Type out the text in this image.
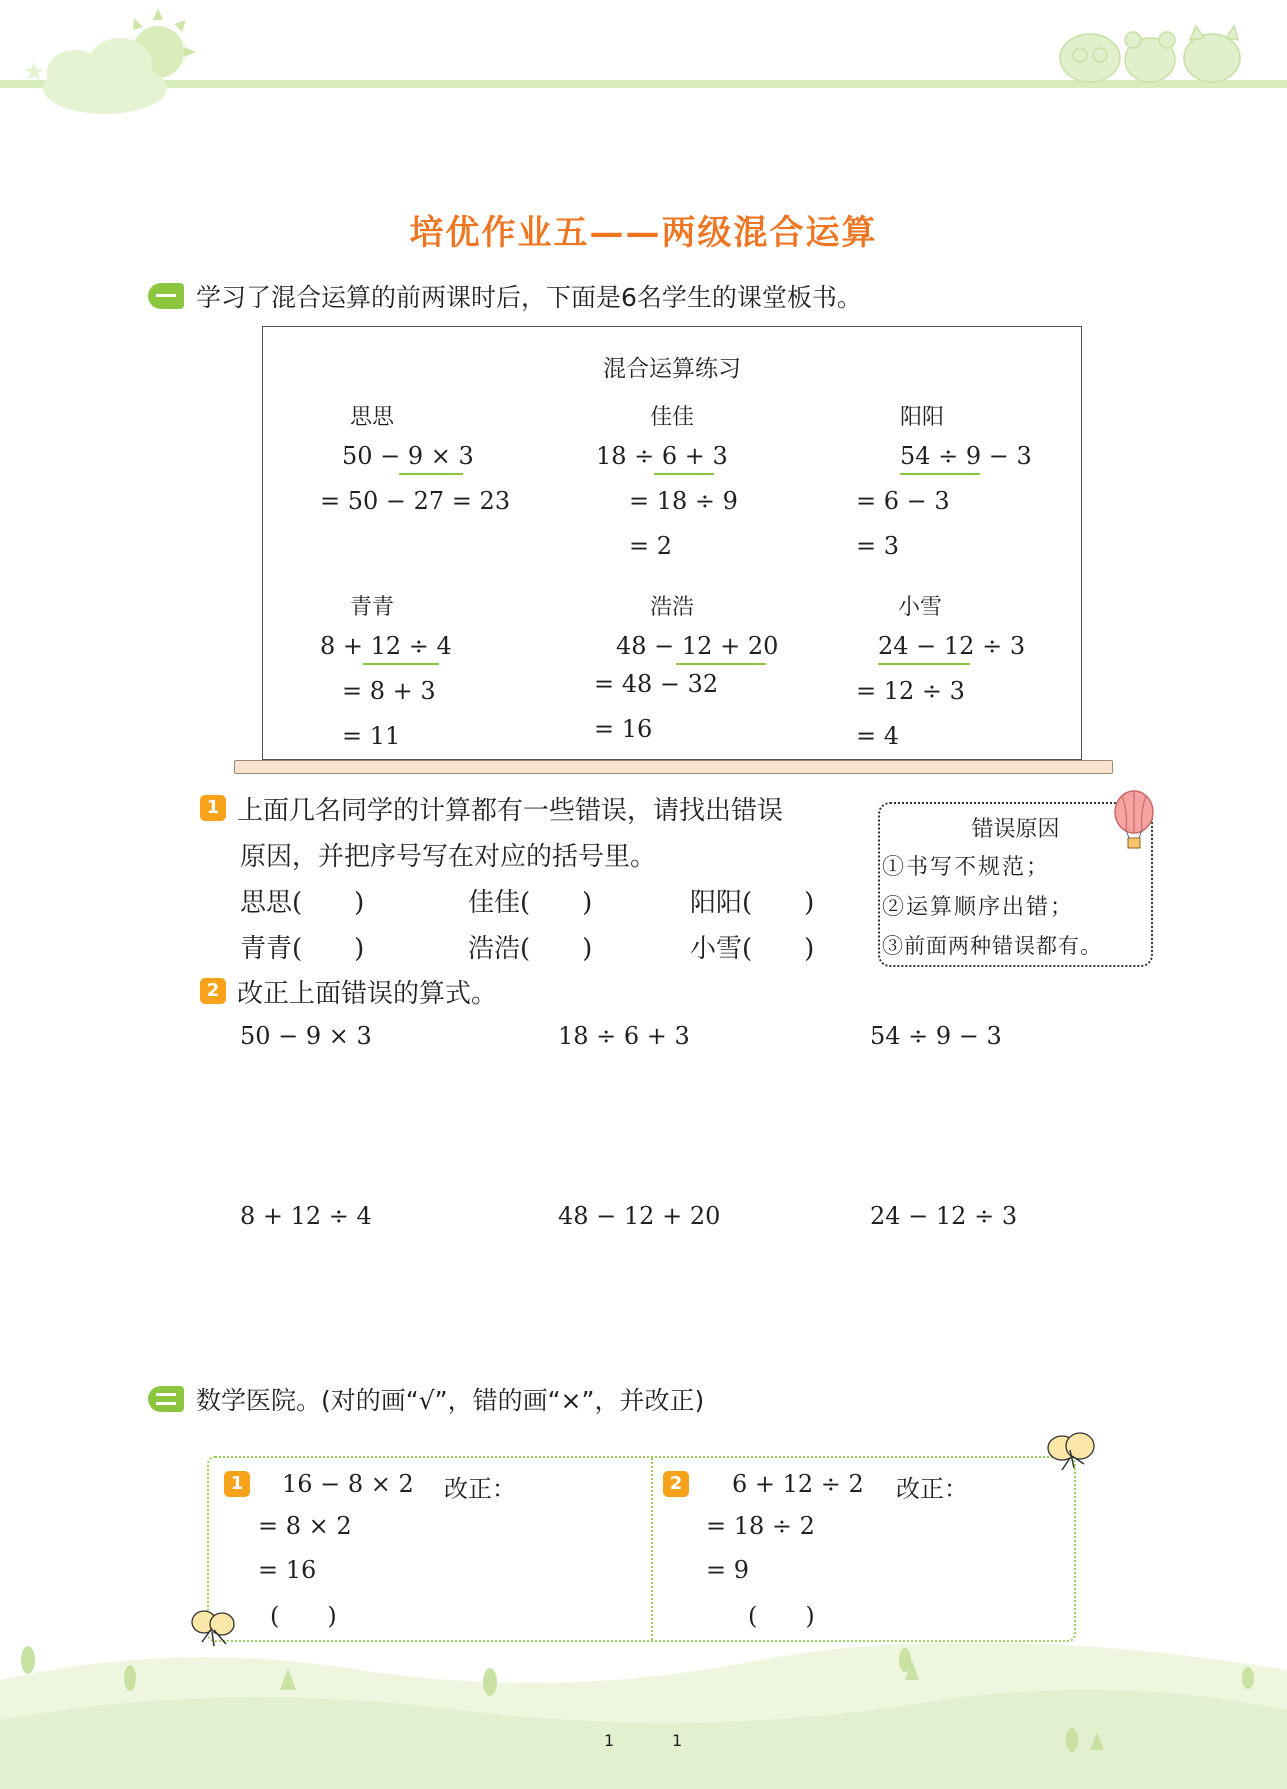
培优作业五——两级混合运算
学习了混合运算的前两课时后，下面是6名学生的课堂板书。
混合运算练习
思思
50 − 9 × 3
= 50 − 27 = 23
佳佳
18 ÷ 6 + 3
= 18 ÷ 9
= 2
阳阳
54 ÷ 9 − 3
= 6 − 3
= 3
青青
8 + 12 ÷ 4
= 8 + 3
= 11
浩浩
48 − 12 + 20
= 48 − 32
= 16
小雪
24 − 12 ÷ 3
= 12 ÷ 3
= 4
1 上面几名同学的计算都有一些错误，请找出错误
原因，并把序号写在对应的括号里。
思思(　　)	佳佳(　　)	阳阳(　　)
青青(　　)	浩浩(　　)	小雪(　　)
错误原因
①书写不规范；
②运算顺序出错；
③前面两种错误都有。
2 改正上面错误的算式。
50 − 9 × 3	18 ÷ 6 + 3	54 ÷ 9 − 3
8 + 12 ÷ 4	48 − 12 + 20	24 − 12 ÷ 3
数学医院。(对的画“√”，错的画“×”，并改正)
1 16 − 8 × 2 改正：
= 8 × 2
= 16
(　　)
2 6 + 12 ÷ 2 改正：
= 18 ÷ 2
= 9
(　　)
1	1
